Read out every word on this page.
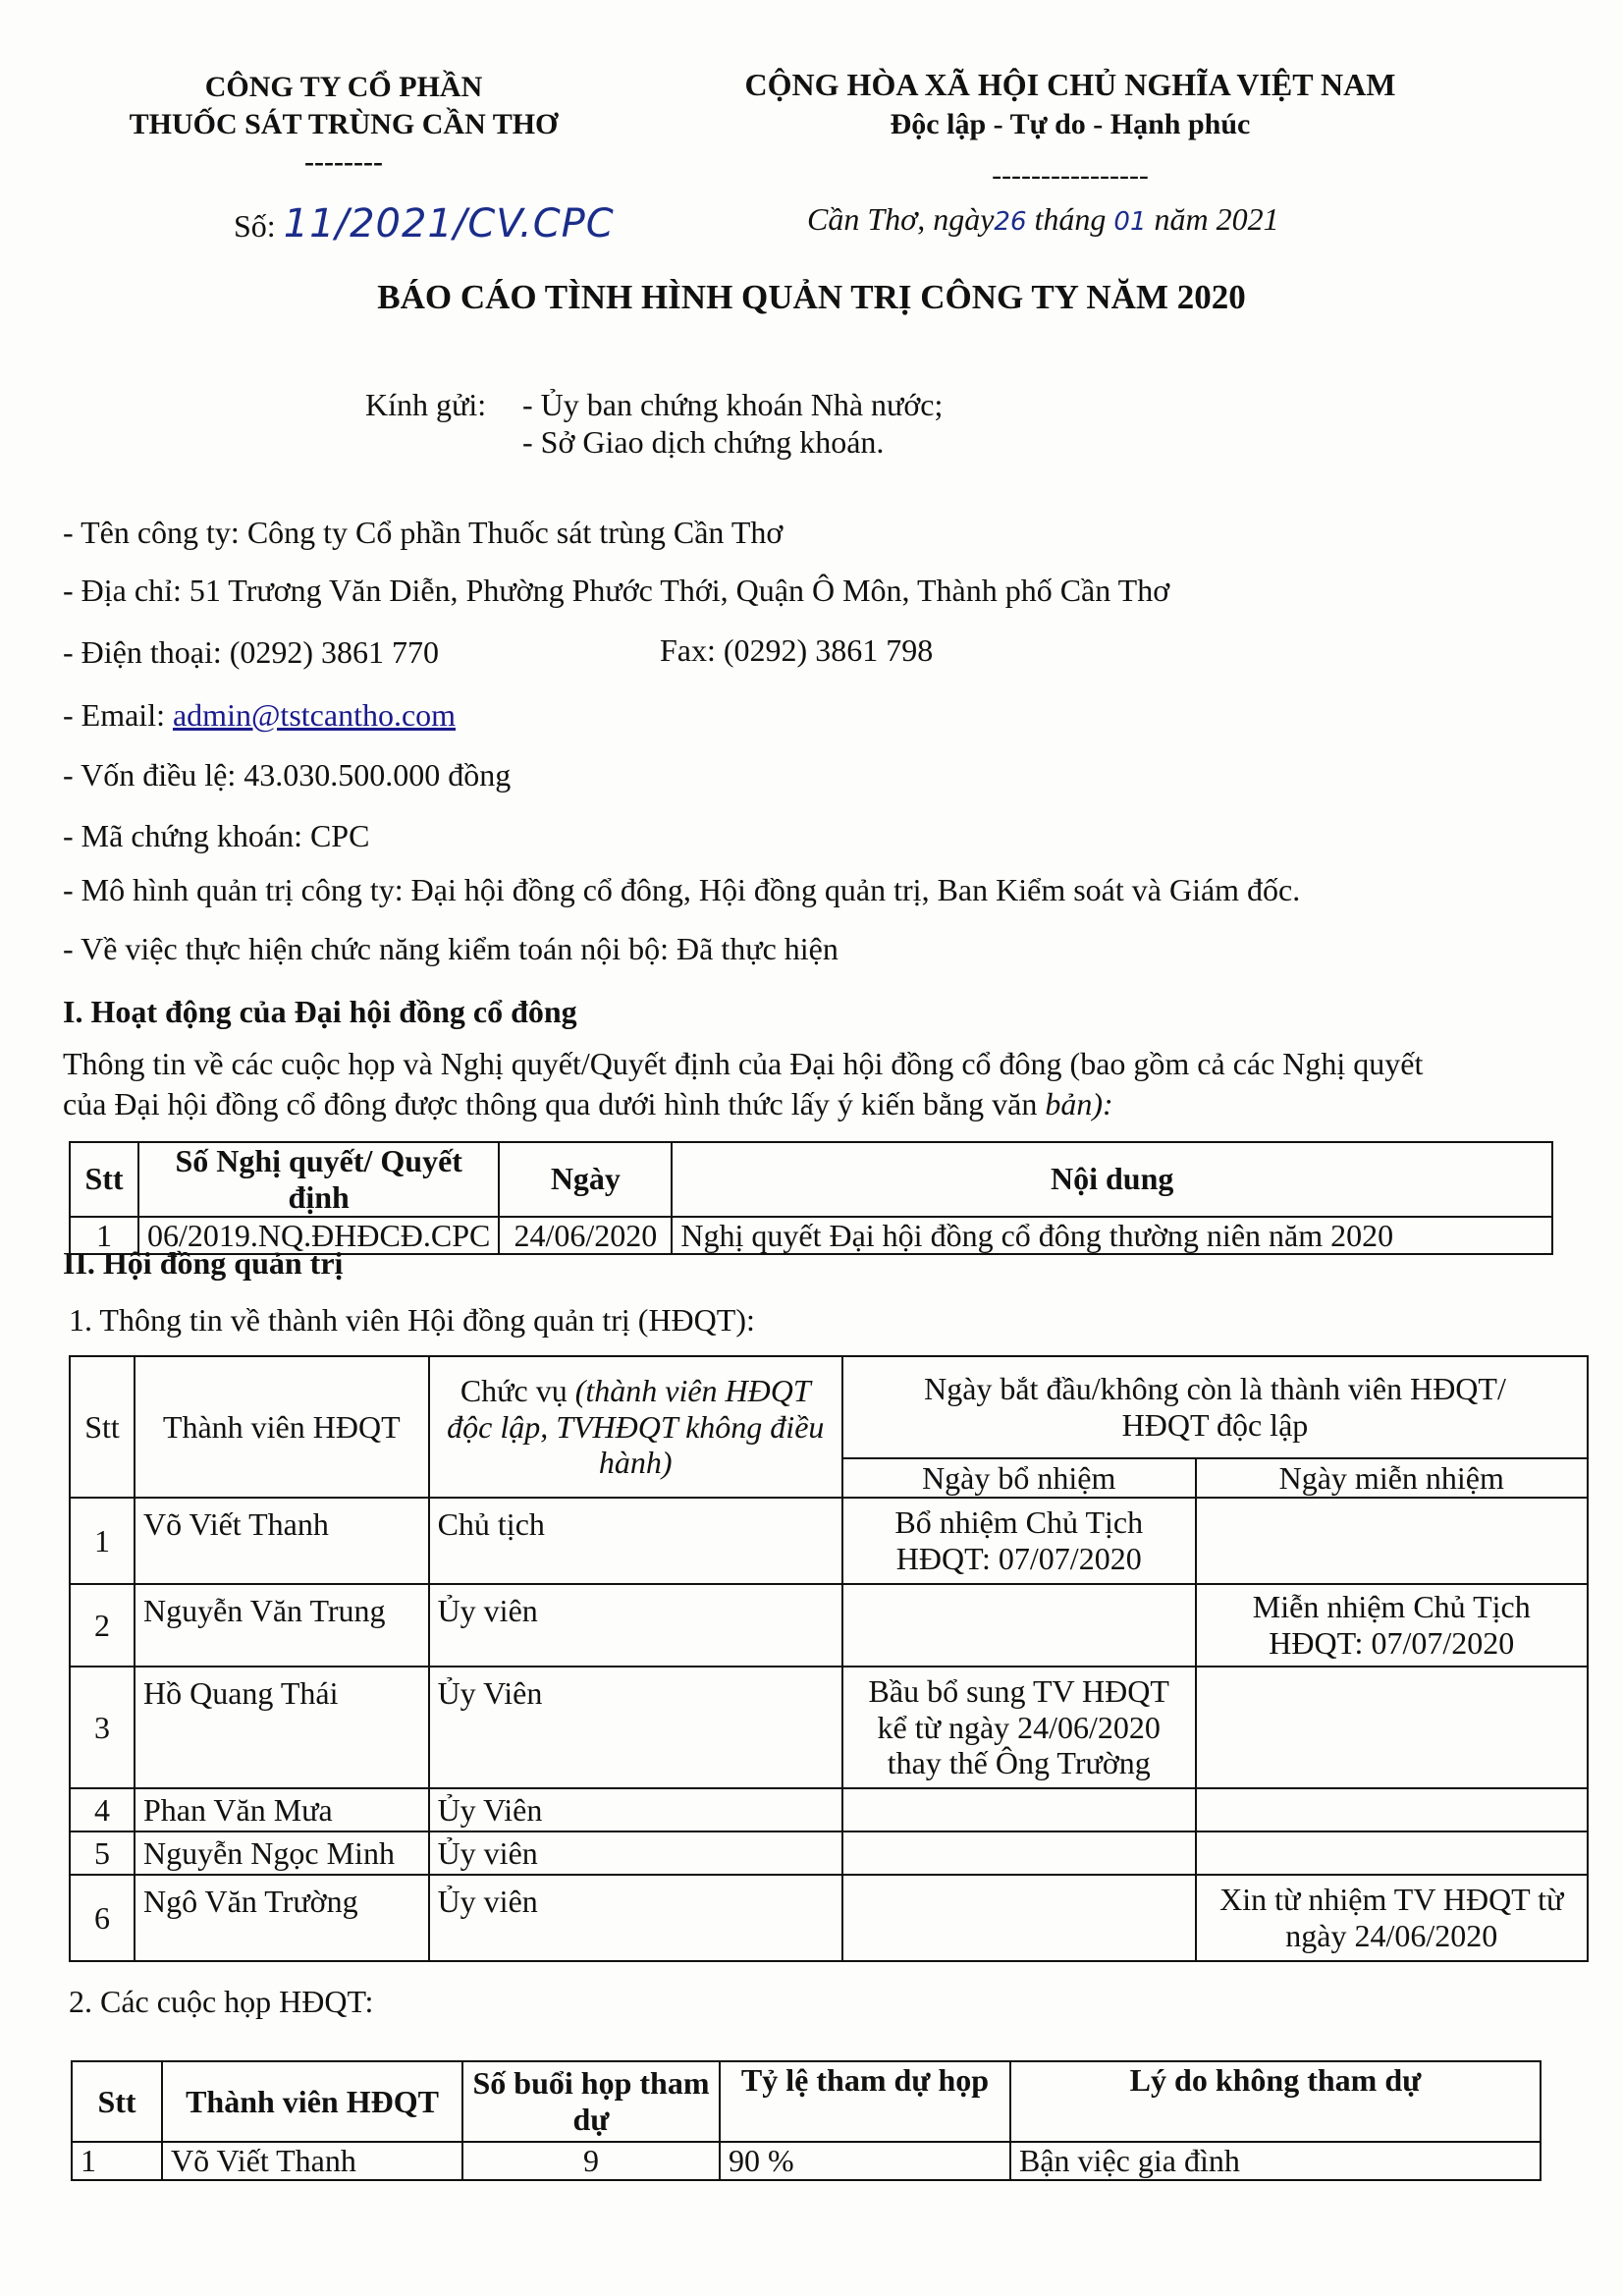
CÔNG TY CỔ PHẦN
THUỐC SÁT TRÙNG CẦN THƠ
--------
CỘNG HÒA XÃ HỘI CHỦ NGHĨA VIỆT NAM
Độc lập - Tự do - Hạnh phúc
----------------
Số: 11/2021/CV.CPC	Cần Thơ, ngày26 tháng 01 năm 2021
BÁO CÁO TÌNH HÌNH QUẢN TRỊ CÔNG TY NĂM 2020
Kính gửi: - Ủy ban chứng khoán Nhà nước;
- Sở Giao dịch chứng khoán.
- Tên công ty: Công ty Cổ phần Thuốc sát trùng Cần Thơ
- Địa chỉ: 51 Trương Văn Diễn, Phường Phước Thới, Quận Ô Môn, Thành phố Cần Thơ
- Điện thoại: (0292) 3861 770	Fax: (0292) 3861 798
- Email: admin@tstcantho.com
- Vốn điều lệ: 43.030.500.000 đồng
- Mã chứng khoán: CPC
- Mô hình quản trị công ty: Đại hội đồng cổ đông, Hội đồng quản trị, Ban Kiểm soát và Giám đốc.
- Về việc thực hiện chức năng kiểm toán nội bộ: Đã thực hiện
I. Hoạt động của Đại hội đồng cổ đông
Thông tin về các cuộc họp và Nghị quyết/Quyết định của Đại hội đồng cổ đông (bao gồm cả các Nghị quyết
của Đại hội đồng cổ đông được thông qua dưới hình thức lấy ý kiến bằng văn bản):
Stt	Số Nghị quyết/ Quyết định	Ngày	Nội dung
1	06/2019.NQ.ĐHĐCĐ.CPC	24/06/2020	Nghị quyết Đại hội đồng cổ đông thường niên năm 2020
II. Hội đồng quản trị
1. Thông tin về thành viên Hội đồng quản trị (HĐQT):
Stt	Thành viên HĐQT	Chức vụ (thành viên HĐQT độc lập, TVHĐQT không điều hành)	Ngày bắt đầu/không còn là thành viên HĐQT/
HĐQT độc lập	
			Ngày bổ nhiệm	Ngày miễn nhiệm
1	Võ Viết Thanh	Chủ tịch	Bổ nhiệm Chủ Tịch HĐQT: 07/07/2020	
2	Nguyễn Văn Trung	Ủy viên		Miễn nhiệm Chủ Tịch HĐQT: 07/07/2020
3	Hồ Quang Thái	Ủy Viên	Bầu bổ sung TV HĐQT kể từ ngày 24/06/2020 thay thế Ông Trường	
4	Phan Văn Mưa	Ủy Viên		
5	Nguyễn Ngọc Minh	Ủy viên		
6	Ngô Văn Trường	Ủy viên		Xin từ nhiệm TV HĐQT từ ngày 24/06/2020
2. Các cuộc họp HĐQT:
Stt	Thành viên HĐQT	Số buổi họp tham dự	Tỷ lệ tham dự họp	Lý do không tham dự
1	Võ Viết Thanh	9	90 %	Bận việc gia đình
